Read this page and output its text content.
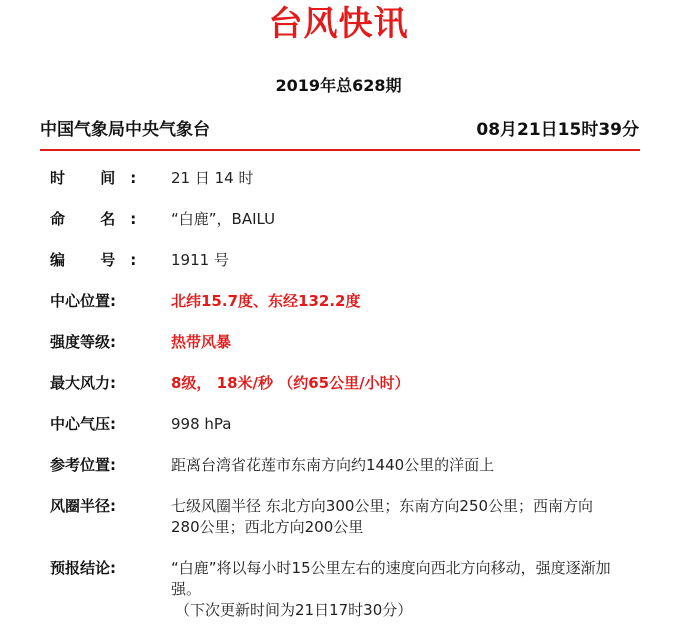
台风快讯
2019年总628期
中国气象局中央气象台	08月21日15时39分
时 间:	21 日 14 时
命 名:	“白鹿”，BAILU
编 号:	1911 号
中心位置:	北纬15.7度、东经132.2度
强度等级:	热带风暴
最大风力:	8级， 18米/秒 （约65公里/小时）
中心气压:	998 hPa
参考位置:	距离台湾省花莲市东南方向约1440公里的洋面上
风圈半径:	七级风圈半径 东北方向300公里；东南方向250公里；西南方向280公里；西北方向200公里
预报结论:	“白鹿”将以每小时15公里左右的速度向西北方向移动，强度逐渐加强。
（下次更新时间为21日17时30分）
